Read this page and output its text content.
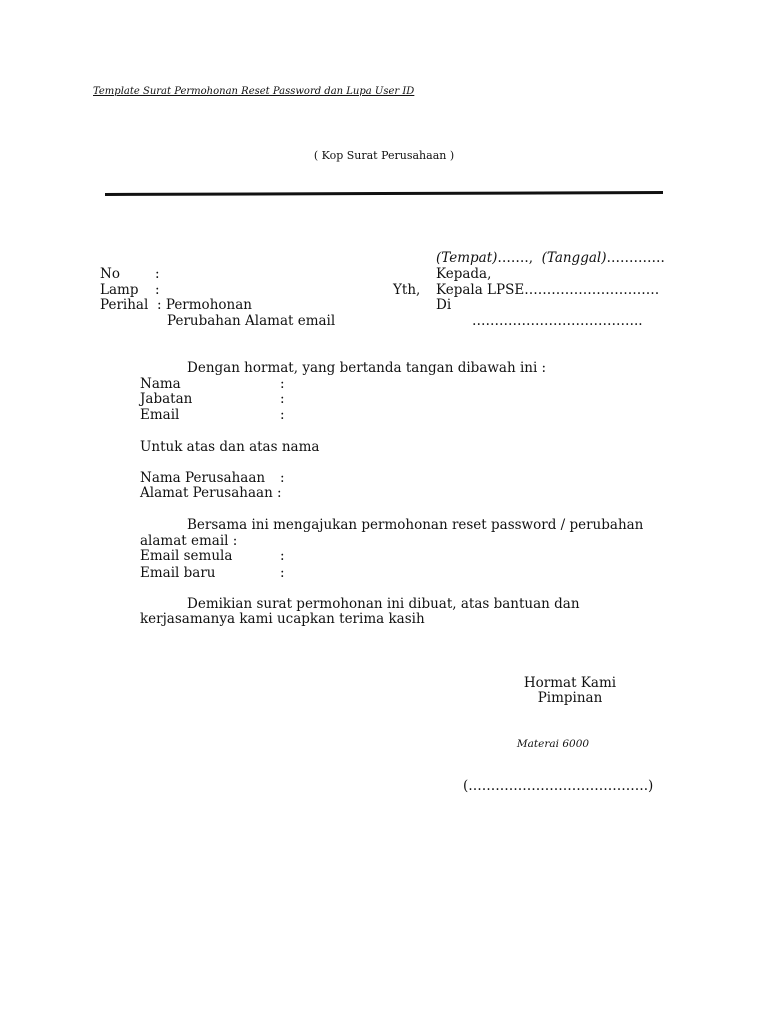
Template Surat Permohonan Reset Password dan Lupa User ID
( Kop Surat Perusahaan )
(Tempat)……., (Tanggal)………….
No	:
Lamp :
Perihal : Permohonan
Perubahan Alamat email
Kepada,
Yth, Kepala LPSE…………………………
Di
………………………………..
Dengan hormat, yang bertanda tangan dibawah ini :
Nama	:
Jabatan	:
Email	:
Untuk atas dan atas nama
Nama Perusahaan :
Alamat Perusahaan :
Bersama ini mengajukan permohonan reset password / perubahan
alamat email :
Email semula	:
Email baru	:
Demikian surat permohonan ini dibuat, atas bantuan dan
kerjasamanya kami ucapkan terima kasih
Hormat Kami
Pimpinan
Materai 6000
(………………………………….)
